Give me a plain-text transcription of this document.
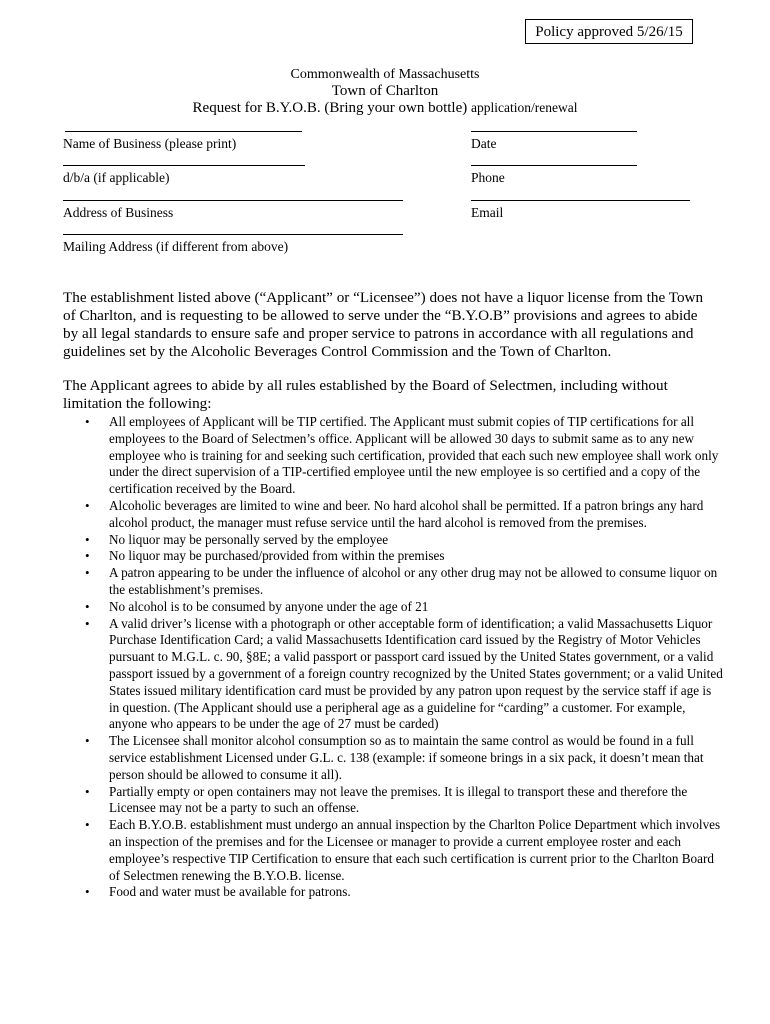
Policy approved 5/26/15
Commonwealth of Massachusetts
Town of Charlton
Request for B.Y.O.B. (Bring your own bottle) application/renewal
Name of Business (please print)	Date
d/b/a (if applicable)	Phone
Address of Business	Email
Mailing Address (if different from above)

The establishment listed above (“Applicant” or “Licensee”) does not have a liquor license from the Town of Charlton, and is requesting to be allowed to serve under the “B.Y.O.B” provisions and agrees to abide by all legal standards to ensure safe and proper service to patrons in accordance with all regulations and guidelines set by the Alcoholic Beverages Control Commission and the Town of Charlton.

The Applicant agrees to abide by all rules established by the Board of Selectmen, including without limitation the following:

• All employees of Applicant will be TIP certified. The Applicant must submit copies of TIP certifications for all employees to the Board of Selectmen’s office. Applicant will be allowed 30 days to submit same as to any new employee who is training for and seeking such certification, provided that each such new employee shall work only under the direct supervision of a TIP-certified employee until the new employee is so certified and a copy of the certification received by the Board.
• Alcoholic beverages are limited to wine and beer. No hard alcohol shall be permitted. If a patron brings any hard alcohol product, the manager must refuse service until the hard alcohol is removed from the premises.
• No liquor may be personally served by the employee
• No liquor may be purchased/provided from within the premises
• A patron appearing to be under the influence of alcohol or any other drug may not be allowed to consume liquor on the establishment’s premises.
• No alcohol is to be consumed by anyone under the age of 21
• A valid driver’s license with a photograph or other acceptable form of identification; a valid Massachusetts Liquor Purchase Identification Card; a valid Massachusetts Identification card issued by the Registry of Motor Vehicles pursuant to M.G.L. c. 90, §8E; a valid passport or passport card issued by the United States government, or a valid passport issued by a government of a foreign country recognized by the United States government; or a valid United States issued military identification card must be provided by any patron upon request by the service staff if age is in question. (The Applicant should use a peripheral age as a guideline for “carding” a customer. For example, anyone who appears to be under the age of 27 must be carded)
• The Licensee shall monitor alcohol consumption so as to maintain the same control as would be found in a full service establishment Licensed under G.L. c. 138 (example: if someone brings in a six pack, it doesn’t mean that person should be allowed to consume it all).
• Partially empty or open containers may not leave the premises. It is illegal to transport these and therefore the Licensee may not be a party to such an offense.
• Each B.Y.O.B. establishment must undergo an annual inspection by the Charlton Police Department which involves an inspection of the premises and for the Licensee or manager to provide a current employee roster and each employee’s respective TIP Certification to ensure that each such certification is current prior to the Charlton Board of Selectmen renewing the B.Y.O.B. license.
• Food and water must be available for patrons.
